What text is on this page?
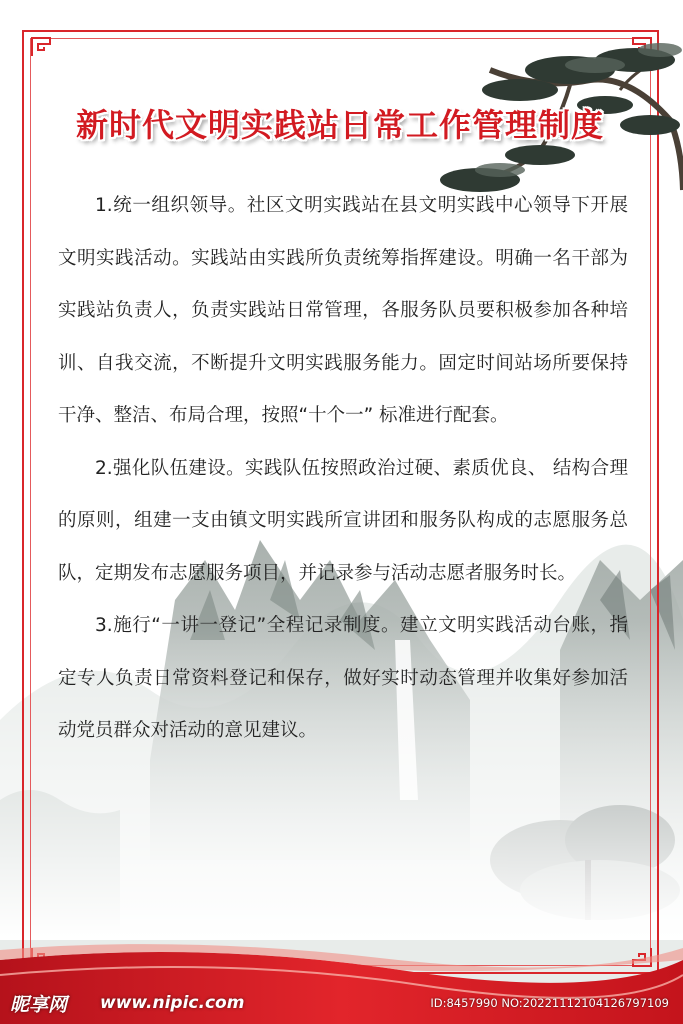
新时代文明实践站日常工作管理制度

1.统一组织领导。社区文明实践站在县文明实践中心领导下开展文明实践活动。实践站由实践所负责统筹指挥建设。明确一名干部为实践站负责人，负责实践站日常管理，各服务队员要积极参加各种培训、自我交流，不断提升文明实践服务能力。固定时间站场所要保持干净、整洁、布局合理，按照“十个一” 标准进行配套。

2.强化队伍建设。实践队伍按照政治过硬、素质优良、 结构合理的原则，组建一支由镇文明实践所宣讲团和服务队构成的志愿服务总队，定期发布志愿服务项目，并记录参与活动志愿者服务时长。

3.施行“一讲一登记”全程记录制度。建立文明实践活动台账，指定专人负责日常资料登记和保存，做好实时动态管理并收集好参加活动党员群众对活动的意见建议。

昵享网 www.nipic.com	ID:8457990 NO:20221112104126797109
